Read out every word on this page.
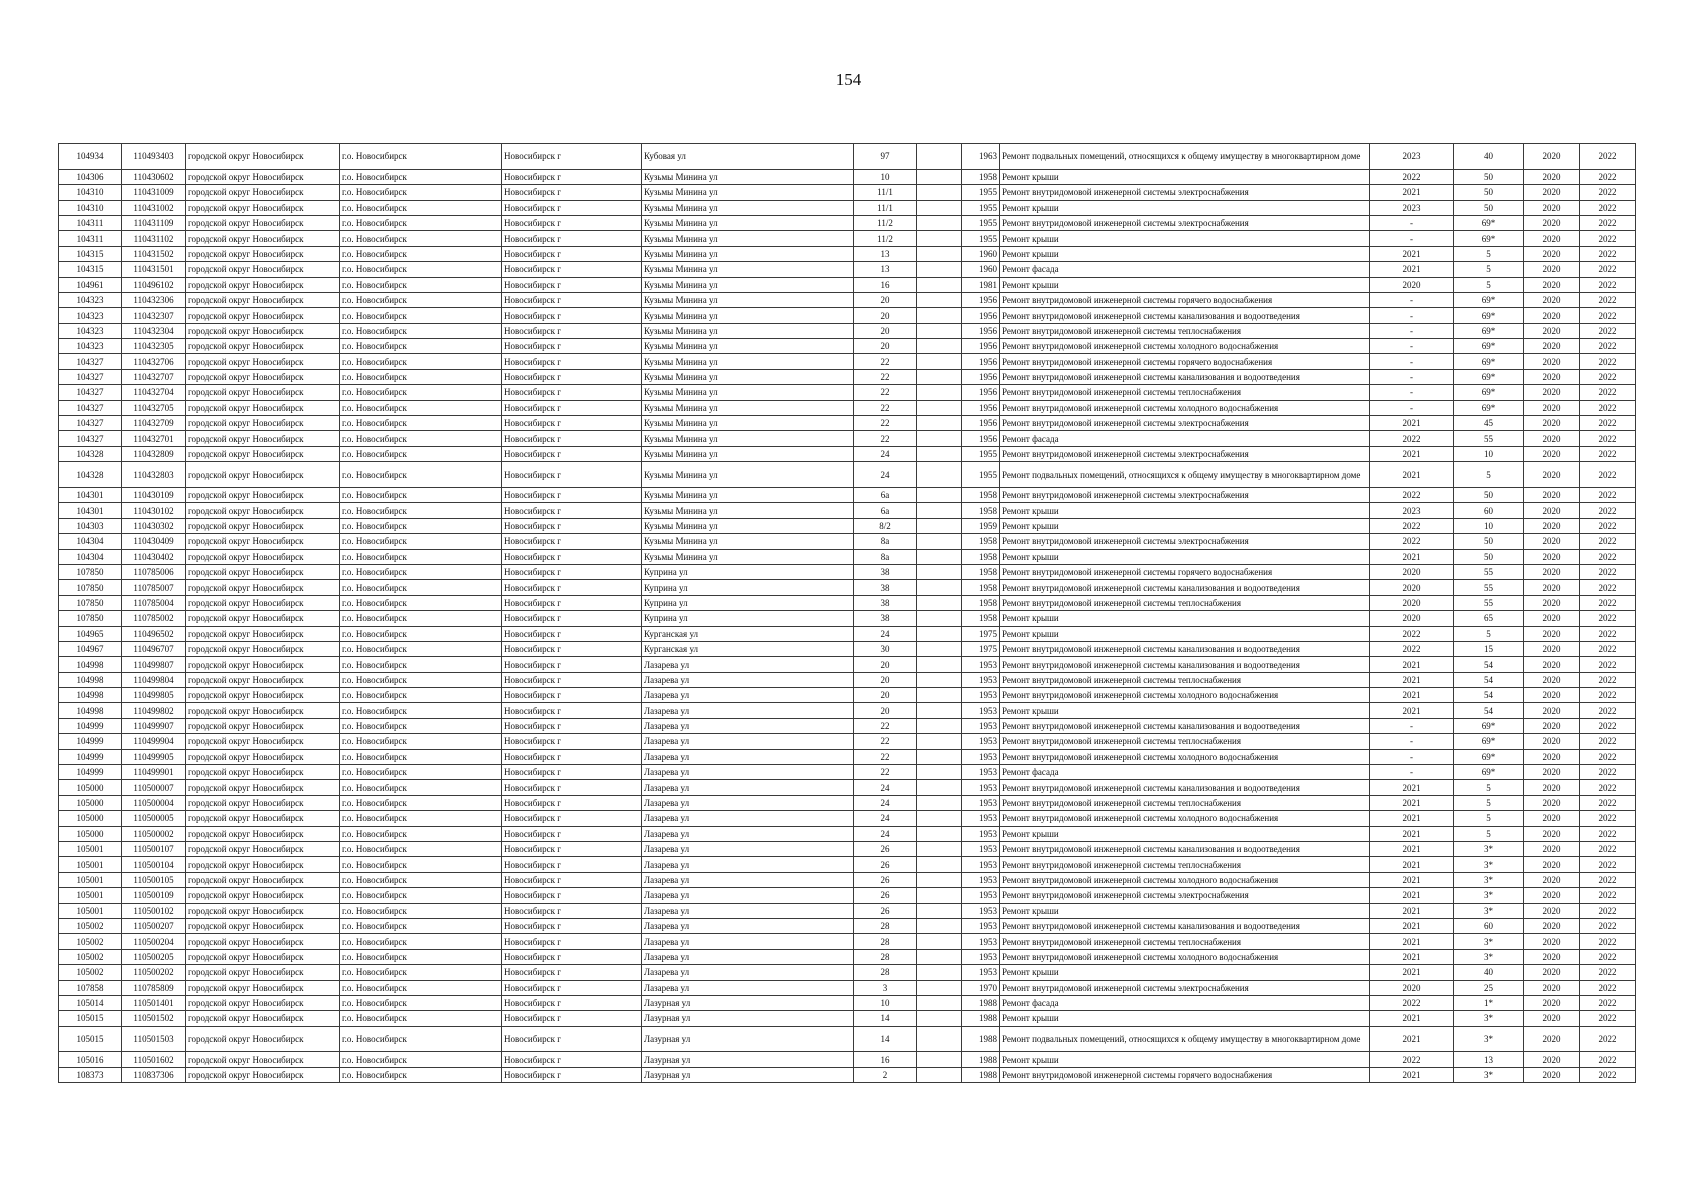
154
104934	110493403	городской округ Новосибирск	г.о. Новосибирск	Новосибирск г	Кубовая ул	97		1963	Ремонт подвальных помещений, относящихся к общему имуществу в многоквартирном доме	2023	40	2020	2022
104306	110430602	городской округ Новосибирск	г.о. Новосибирск	Новосибирск г	Кузьмы Минина ул	10		1958	Ремонт крыши	2022	50	2020	2022
104310	110431009	городской округ Новосибирск	г.о. Новосибирск	Новосибирск г	Кузьмы Минина ул	11/1		1955	Ремонт внутридомовой инженерной системы электроснабжения	2021	50	2020	2022
104310	110431002	городской округ Новосибирск	г.о. Новосибирск	Новосибирск г	Кузьмы Минина ул	11/1		1955	Ремонт крыши	2023	50	2020	2022
104311	110431109	городской округ Новосибирск	г.о. Новосибирск	Новосибирск г	Кузьмы Минина ул	11/2		1955	Ремонт внутридомовой инженерной системы электроснабжения	-	69*	2020	2022
104311	110431102	городской округ Новосибирск	г.о. Новосибирск	Новосибирск г	Кузьмы Минина ул	11/2		1955	Ремонт крыши	-	69*	2020	2022
104315	110431502	городской округ Новосибирск	г.о. Новосибирск	Новосибирск г	Кузьмы Минина ул	13		1960	Ремонт крыши	2021	5	2020	2022
104315	110431501	городской округ Новосибирск	г.о. Новосибирск	Новосибирск г	Кузьмы Минина ул	13		1960	Ремонт фасада	2021	5	2020	2022
104961	110496102	городской округ Новосибирск	г.о. Новосибирск	Новосибирск г	Кузьмы Минина ул	16		1981	Ремонт крыши	2020	5	2020	2022
104323	110432306	городской округ Новосибирск	г.о. Новосибирск	Новосибирск г	Кузьмы Минина ул	20		1956	Ремонт внутридомовой инженерной системы горячего водоснабжения	-	69*	2020	2022
104323	110432307	городской округ Новосибирск	г.о. Новосибирск	Новосибирск г	Кузьмы Минина ул	20		1956	Ремонт внутридомовой инженерной системы канализования и водоотведения	-	69*	2020	2022
104323	110432304	городской округ Новосибирск	г.о. Новосибирск	Новосибирск г	Кузьмы Минина ул	20		1956	Ремонт внутридомовой инженерной системы теплоснабжения	-	69*	2020	2022
104323	110432305	городской округ Новосибирск	г.о. Новосибирск	Новосибирск г	Кузьмы Минина ул	20		1956	Ремонт внутридомовой инженерной системы холодного водоснабжения	-	69*	2020	2022
104327	110432706	городской округ Новосибирск	г.о. Новосибирск	Новосибирск г	Кузьмы Минина ул	22		1956	Ремонт внутридомовой инженерной системы горячего водоснабжения	-	69*	2020	2022
104327	110432707	городской округ Новосибирск	г.о. Новосибирск	Новосибирск г	Кузьмы Минина ул	22		1956	Ремонт внутридомовой инженерной системы канализования и водоотведения	-	69*	2020	2022
104327	110432704	городской округ Новосибирск	г.о. Новосибирск	Новосибирск г	Кузьмы Минина ул	22		1956	Ремонт внутридомовой инженерной системы теплоснабжения	-	69*	2020	2022
104327	110432705	городской округ Новосибирск	г.о. Новосибирск	Новосибирск г	Кузьмы Минина ул	22		1956	Ремонт внутридомовой инженерной системы холодного водоснабжения	-	69*	2020	2022
104327	110432709	городской округ Новосибирск	г.о. Новосибирск	Новосибирск г	Кузьмы Минина ул	22		1956	Ремонт внутридомовой инженерной системы электроснабжения	2021	45	2020	2022
104327	110432701	городской округ Новосибирск	г.о. Новосибирск	Новосибирск г	Кузьмы Минина ул	22		1956	Ремонт фасада	2022	55	2020	2022
104328	110432809	городской округ Новосибирск	г.о. Новосибирск	Новосибирск г	Кузьмы Минина ул	24		1955	Ремонт внутридомовой инженерной системы электроснабжения	2021	10	2020	2022
104328	110432803	городской округ Новосибирск	г.о. Новосибирск	Новосибирск г	Кузьмы Минина ул	24		1955	Ремонт подвальных помещений, относящихся к общему имуществу в многоквартирном доме	2021	5	2020	2022
104301	110430109	городской округ Новосибирск	г.о. Новосибирск	Новосибирск г	Кузьмы Минина ул	6а		1958	Ремонт внутридомовой инженерной системы электроснабжения	2022	50	2020	2022
104301	110430102	городской округ Новосибирск	г.о. Новосибирск	Новосибирск г	Кузьмы Минина ул	6а		1958	Ремонт крыши	2023	60	2020	2022
104303	110430302	городской округ Новосибирск	г.о. Новосибирск	Новосибирск г	Кузьмы Минина ул	8/2		1959	Ремонт крыши	2022	10	2020	2022
104304	110430409	городской округ Новосибирск	г.о. Новосибирск	Новосибирск г	Кузьмы Минина ул	8а		1958	Ремонт внутридомовой инженерной системы электроснабжения	2022	50	2020	2022
104304	110430402	городской округ Новосибирск	г.о. Новосибирск	Новосибирск г	Кузьмы Минина ул	8а		1958	Ремонт крыши	2021	50	2020	2022
107850	110785006	городской округ Новосибирск	г.о. Новосибирск	Новосибирск г	Куприна ул	38		1958	Ремонт внутридомовой инженерной системы горячего водоснабжения	2020	55	2020	2022
107850	110785007	городской округ Новосибирск	г.о. Новосибирск	Новосибирск г	Куприна ул	38		1958	Ремонт внутридомовой инженерной системы канализования и водоотведения	2020	55	2020	2022
107850	110785004	городской округ Новосибирск	г.о. Новосибирск	Новосибирск г	Куприна ул	38		1958	Ремонт внутридомовой инженерной системы теплоснабжения	2020	55	2020	2022
107850	110785002	городской округ Новосибирск	г.о. Новосибирск	Новосибирск г	Куприна ул	38		1958	Ремонт крыши	2020	65	2020	2022
104965	110496502	городской округ Новосибирск	г.о. Новосибирск	Новосибирск г	Курганская ул	24		1975	Ремонт крыши	2022	5	2020	2022
104967	110496707	городской округ Новосибирск	г.о. Новосибирск	Новосибирск г	Курганская ул	30		1975	Ремонт внутридомовой инженерной системы канализования и водоотведения	2022	15	2020	2022
104998	110499807	городской округ Новосибирск	г.о. Новосибирск	Новосибирск г	Лазарева ул	20		1953	Ремонт внутридомовой инженерной системы канализования и водоотведения	2021	54	2020	2022
104998	110499804	городской округ Новосибирск	г.о. Новосибирск	Новосибирск г	Лазарева ул	20		1953	Ремонт внутридомовой инженерной системы теплоснабжения	2021	54	2020	2022
104998	110499805	городской округ Новосибирск	г.о. Новосибирск	Новосибирск г	Лазарева ул	20		1953	Ремонт внутридомовой инженерной системы холодного водоснабжения	2021	54	2020	2022
104998	110499802	городской округ Новосибирск	г.о. Новосибирск	Новосибирск г	Лазарева ул	20		1953	Ремонт крыши	2021	54	2020	2022
104999	110499907	городской округ Новосибирск	г.о. Новосибирск	Новосибирск г	Лазарева ул	22		1953	Ремонт внутридомовой инженерной системы канализования и водоотведения	-	69*	2020	2022
104999	110499904	городской округ Новосибирск	г.о. Новосибирск	Новосибирск г	Лазарева ул	22		1953	Ремонт внутридомовой инженерной системы теплоснабжения	-	69*	2020	2022
104999	110499905	городской округ Новосибирск	г.о. Новосибирск	Новосибирск г	Лазарева ул	22		1953	Ремонт внутридомовой инженерной системы холодного водоснабжения	-	69*	2020	2022
104999	110499901	городской округ Новосибирск	г.о. Новосибирск	Новосибирск г	Лазарева ул	22		1953	Ремонт фасада	-	69*	2020	2022
105000	110500007	городской округ Новосибирск	г.о. Новосибирск	Новосибирск г	Лазарева ул	24		1953	Ремонт внутридомовой инженерной системы канализования и водоотведения	2021	5	2020	2022
105000	110500004	городской округ Новосибирск	г.о. Новосибирск	Новосибирск г	Лазарева ул	24		1953	Ремонт внутридомовой инженерной системы теплоснабжения	2021	5	2020	2022
105000	110500005	городской округ Новосибирск	г.о. Новосибирск	Новосибирск г	Лазарева ул	24		1953	Ремонт внутридомовой инженерной системы холодного водоснабжения	2021	5	2020	2022
105000	110500002	городской округ Новосибирск	г.о. Новосибирск	Новосибирск г	Лазарева ул	24		1953	Ремонт крыши	2021	5	2020	2022
105001	110500107	городской округ Новосибирск	г.о. Новосибирск	Новосибирск г	Лазарева ул	26		1953	Ремонт внутридомовой инженерной системы канализования и водоотведения	2021	3*	2020	2022
105001	110500104	городской округ Новосибирск	г.о. Новосибирск	Новосибирск г	Лазарева ул	26		1953	Ремонт внутридомовой инженерной системы теплоснабжения	2021	3*	2020	2022
105001	110500105	городской округ Новосибирск	г.о. Новосибирск	Новосибирск г	Лазарева ул	26		1953	Ремонт внутридомовой инженерной системы холодного водоснабжения	2021	3*	2020	2022
105001	110500109	городской округ Новосибирск	г.о. Новосибирск	Новосибирск г	Лазарева ул	26		1953	Ремонт внутридомовой инженерной системы электроснабжения	2021	3*	2020	2022
105001	110500102	городской округ Новосибирск	г.о. Новосибирск	Новосибирск г	Лазарева ул	26		1953	Ремонт крыши	2021	3*	2020	2022
105002	110500207	городской округ Новосибирск	г.о. Новосибирск	Новосибирск г	Лазарева ул	28		1953	Ремонт внутридомовой инженерной системы канализования и водоотведения	2021	60	2020	2022
105002	110500204	городской округ Новосибирск	г.о. Новосибирск	Новосибирск г	Лазарева ул	28		1953	Ремонт внутридомовой инженерной системы теплоснабжения	2021	3*	2020	2022
105002	110500205	городской округ Новосибирск	г.о. Новосибирск	Новосибирск г	Лазарева ул	28		1953	Ремонт внутридомовой инженерной системы холодного водоснабжения	2021	3*	2020	2022
105002	110500202	городской округ Новосибирск	г.о. Новосибирск	Новосибирск г	Лазарева ул	28		1953	Ремонт крыши	2021	40	2020	2022
107858	110785809	городской округ Новосибирск	г.о. Новосибирск	Новосибирск г	Лазарева ул	3		1970	Ремонт внутридомовой инженерной системы электроснабжения	2020	25	2020	2022
105014	110501401	городской округ Новосибирск	г.о. Новосибирск	Новосибирск г	Лазурная ул	10		1988	Ремонт фасада	2022	1*	2020	2022
105015	110501502	городской округ Новосибирск	г.о. Новосибирск	Новосибирск г	Лазурная ул	14		1988	Ремонт крыши	2021	3*	2020	2022
105015	110501503	городской округ Новосибирск	г.о. Новосибирск	Новосибирск г	Лазурная ул	14		1988	Ремонт подвальных помещений, относящихся к общему имуществу в многоквартирном доме	2021	3*	2020	2022
105016	110501602	городской округ Новосибирск	г.о. Новосибирск	Новосибирск г	Лазурная ул	16		1988	Ремонт крыши	2022	13	2020	2022
108373	110837306	городской округ Новосибирск	г.о. Новосибирск	Новосибирск г	Лазурная ул	2		1988	Ремонт внутридомовой инженерной системы горячего водоснабжения	2021	3*	2020	2022
